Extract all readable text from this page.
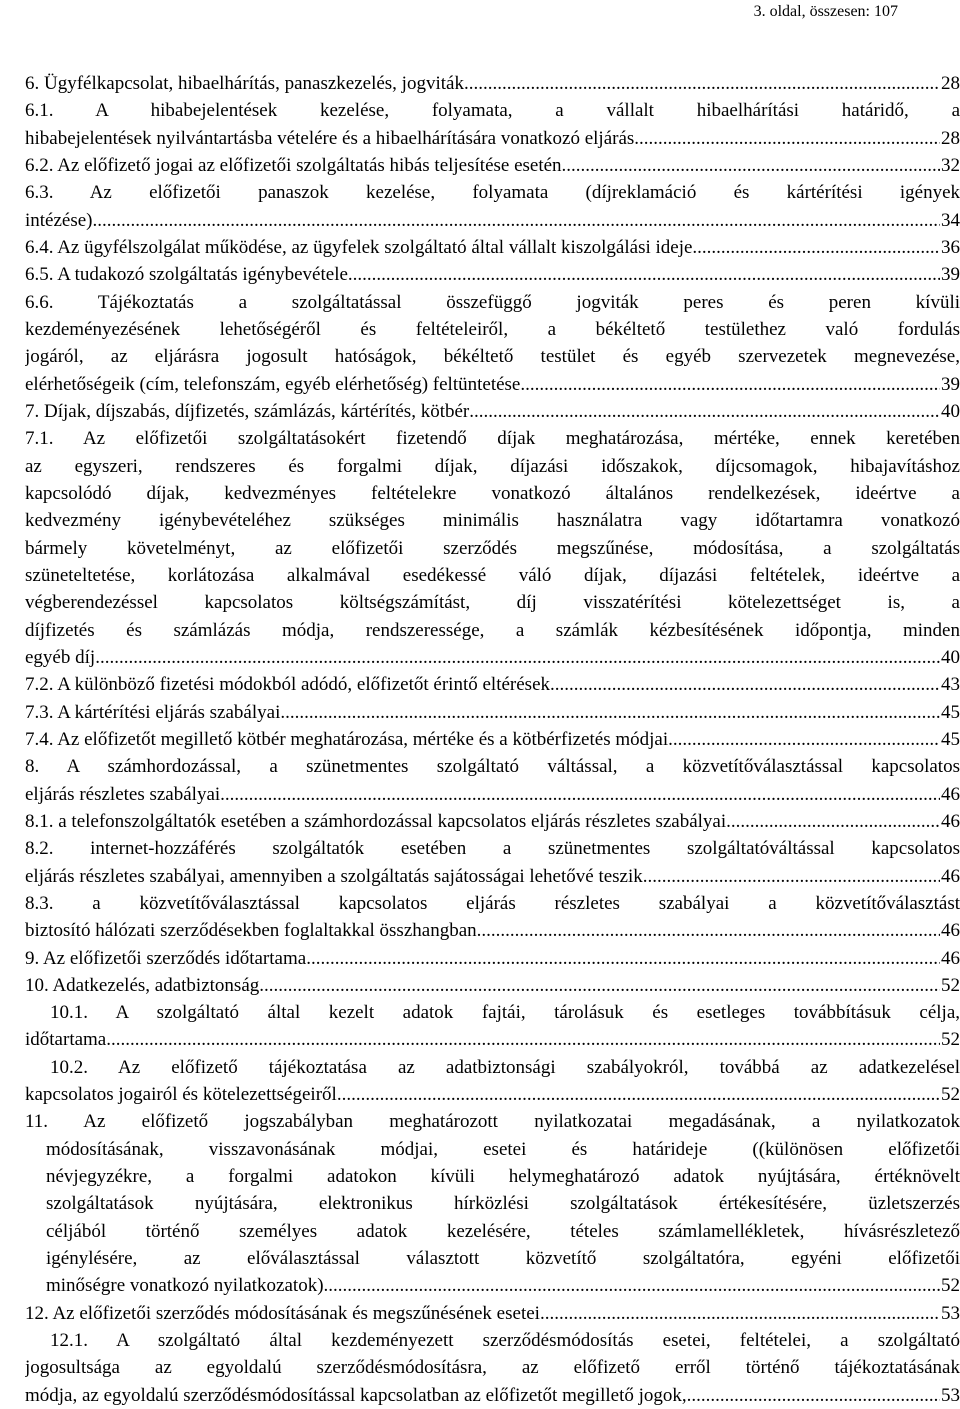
3. oldal, összesen: 107
6. Ügyfélkapcsolat, hibaelhárítás, panaszkezelés, jogviták .....	28
6.1. A hibabejelentések kezelése, folyamata, a vállalt hibaelhárítási határidő, a
hibabejelentések nyilvántartásba vételére és a hibaelhárítására vonatkozó eljárás .....	28
6.2. Az előfizető jogai az előfizetői szolgáltatás hibás teljesítése esetén .....	32
6.3. Az előfizetői panaszok kezelése, folyamata (díjreklamáció és kártérítési igények
intézése) .....	34
6.4. Az ügyfélszolgálat működése, az ügyfelek szolgáltató által vállalt kiszolgálási ideje .....	36
6.5. A tudakozó szolgáltatás igénybevétele .....	39
6.6. Tájékoztatás a szolgáltatással összefüggő jogviták peres és peren kívüli
kezdeményezésének lehetőségéről és feltételeiről, a békéltető testülethez való fordulás
jogáról, az eljárásra jogosult hatóságok, békéltető testület és egyéb szervezetek megnevezése,
elérhetőségeik (cím, telefonszám, egyéb elérhetőség) feltüntetése .....	39
7. Díjak, díjszabás, díjfizetés, számlázás, kártérítés, kötbér .....	40
7.1. Az előfizetői szolgáltatásokért fizetendő díjak meghatározása, mértéke, ennek keretében
az egyszeri, rendszeres és forgalmi díjak, díjazási időszakok, díjcsomagok, hibajavításhoz
kapcsolódó díjak, kedvezményes feltételekre vonatkozó általános rendelkezések, ideértve a
kedvezmény igénybevételéhez szükséges minimális használatra vagy időtartamra vonatkozó
bármely követelményt, az előfizetői szerződés megszűnése, módosítása, a szolgáltatás
szüneteltetése, korlátozása alkalmával esedékessé váló díjak, díjazási feltételek, ideértve a
végberendezéssel kapcsolatos költségszámítást, díj visszatérítési kötelezettséget is, a
díjfizetés és számlázás módja, rendszeressége, a számlák kézbesítésének időpontja, minden
egyéb díj .....	40
7.2. A különböző fizetési módokból adódó, előfizetőt érintő eltérések .....	43
7.3. A kártérítési eljárás szabályai .....	45
7.4. Az előfizetőt megillető kötbér meghatározása, mértéke és a kötbérfizetés módjai .....	45
8. A számhordozással, a szünetmentes szolgáltató váltással, a közvetítőválasztással kapcsolatos
eljárás részletes szabályai .....	46
8.1. a telefonszolgáltatók esetében a számhordozással kapcsolatos eljárás részletes szabályai .....	46
8.2. internet-hozzáférés szolgáltatók esetében a szünetmentes szolgáltatóváltással kapcsolatos
eljárás részletes szabályai, amennyiben a szolgáltatás sajátosságai lehetővé teszik .....	46
8.3. a közvetítőválasztással kapcsolatos eljárás részletes szabályai a közvetítőválasztást
biztosító hálózati szerződésekben foglaltakkal összhangban .....	46
9. Az előfizetői szerződés időtartama .....	46
10. Adatkezelés, adatbiztonság .....	52
10.1. A szolgáltató által kezelt adatok fajtái, tárolásuk és esetleges továbbításuk célja,
időtartama .....	52
10.2. Az előfizető tájékoztatása az adatbiztonsági szabályokról, továbbá az adatkezelésel
kapcsolatos jogairól és kötelezettségeiről .....	52
11. Az előfizető jogszabályban meghatározott nyilatkozatai megadásának, a nyilatkozatok
módosításának, visszavonásának módjai, esetei és határideje ((különösen előfizetői
névjegyzékre, a forgalmi adatokon kívüli helymeghatározó adatok nyújtására, értéknövelt
szolgáltatások nyújtására, elektronikus hírközlési szolgáltatások értékesítésére, üzletszerzés
céljából történő személyes adatok kezelésére, tételes számlamellékletek, hívásrészletező
igénylésére, az előválasztással választott közvetítő szolgáltatóra, egyéni előfizetői
minőségre vonatkozó nyilatkozatok) .....	52
12. Az előfizetői szerződés módosításának és megszűnésének esetei .....	53
12.1. A szolgáltató által kezdeményezett szerződésmódosítás esetei, feltételei, a szolgáltató
jogosultsága az egyoldalú szerződésmódosításra, az előfizető erről történő tájékoztatásának
módja, az egyoldalú szerződésmódosítással kapcsolatban az előfizetőt megillető jogok, .....	53
